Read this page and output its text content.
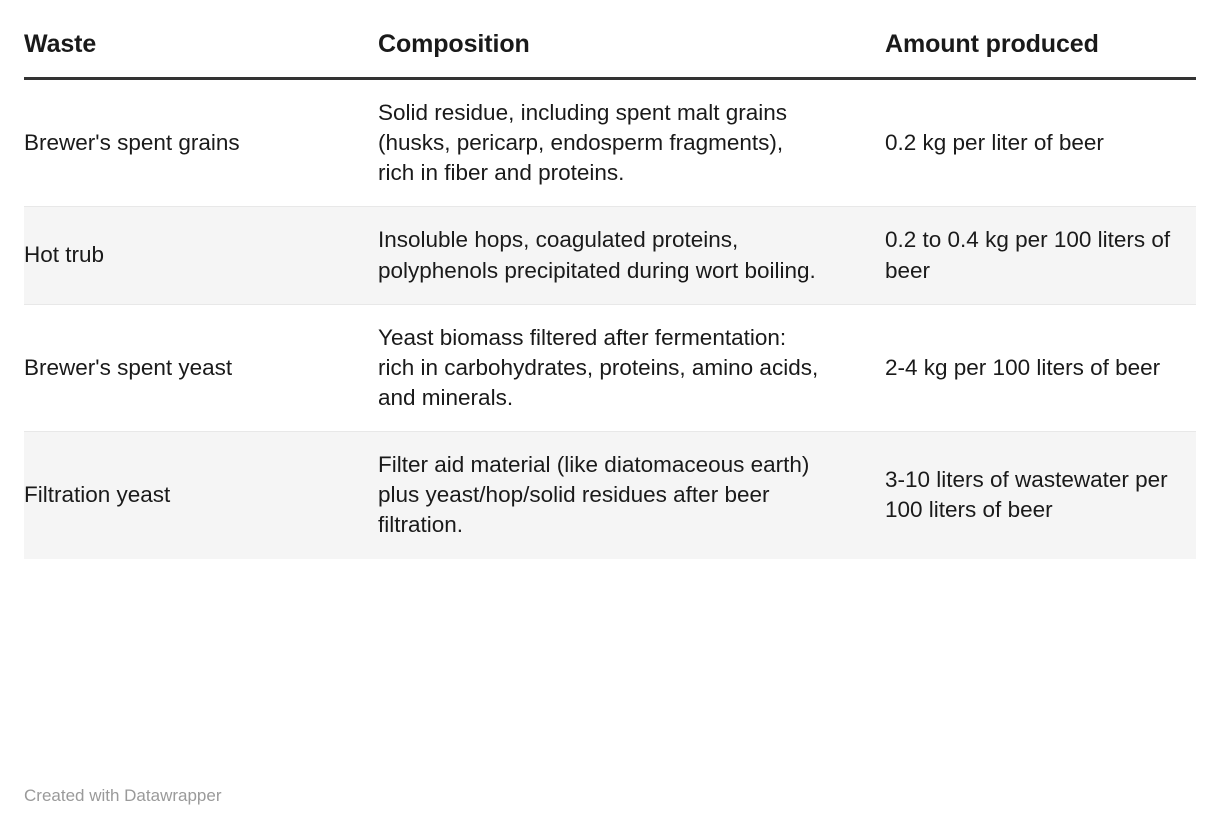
Waste	Composition	Amount produced
Brewer's spent grains	Solid residue, including spent malt grains (husks, pericarp, endosperm fragments), rich in fiber and proteins.	0.2 kg per liter of beer
Hot trub	Insoluble hops, coagulated proteins, polyphenols precipitated during wort boiling.	0.2 to 0.4 kg per 100 liters of beer
Brewer's spent yeast	Yeast biomass filtered after fermentation: rich in carbohydrates, proteins, amino acids, and minerals.	2-4 kg per 100 liters of beer
Filtration yeast	Filter aid material (like diatomaceous earth) plus yeast/hop/solid residues after beer filtration.	3-10 liters of wastewater per 100 liters of beer
Created with Datawrapper
